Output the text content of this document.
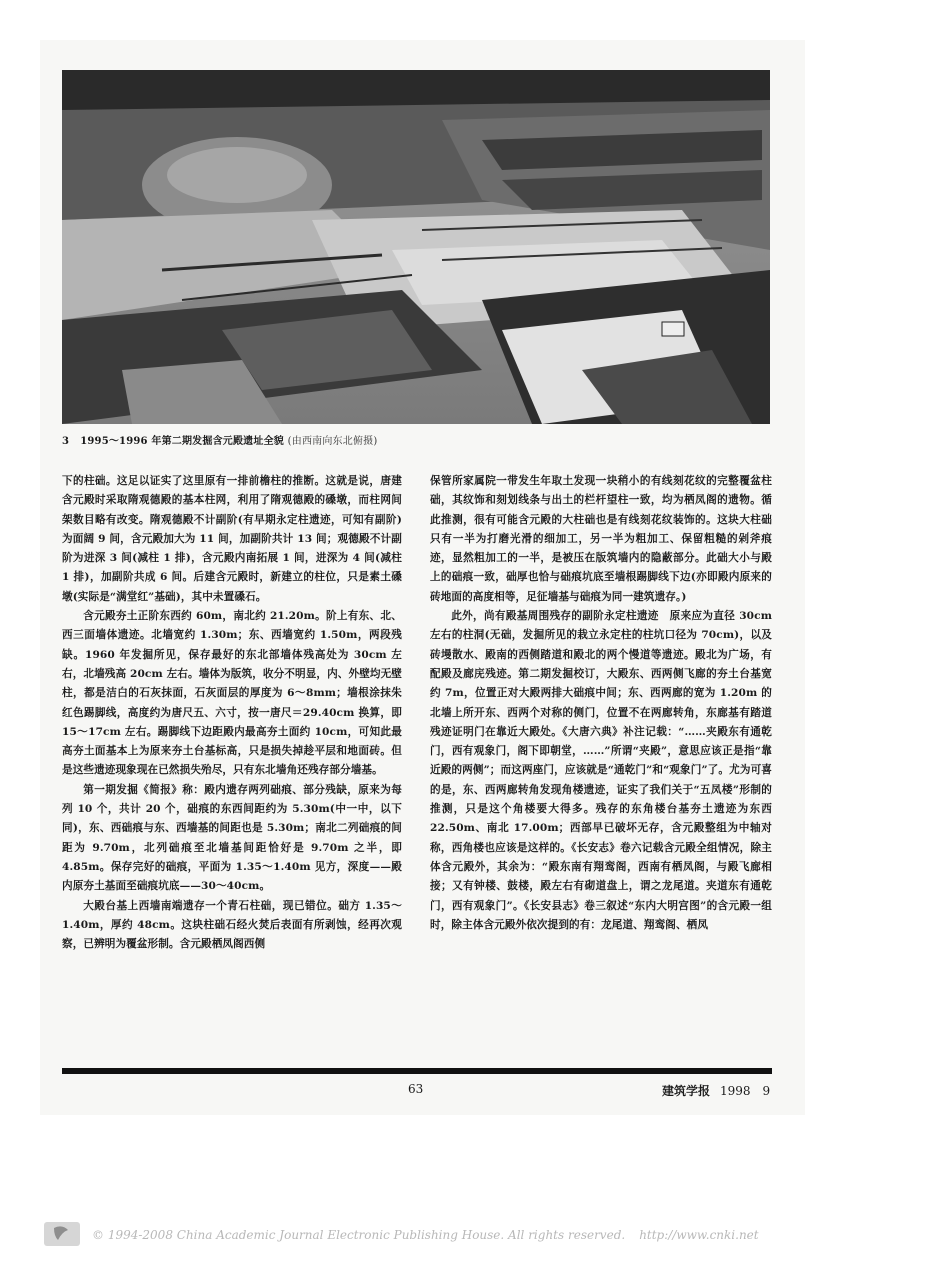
3 1995～1996 年第二期发掘含元殿遗址全貌 (由西南向东北俯摄)

下的柱础。这足以证实了这里原有一排前檐柱的推断。这就是说，唐建含元殿时采取隋观德殿的基本柱网，利用了隋观德殿的磉墩，而柱网间架数目略有改变。隋观德殿不计副阶(有早期永定柱遗迹，可知有副阶)为面阔 9 间，含元殿加大为 11 间，加副阶共计 13 间；观德殿不计副阶为进深 3 间(减柱 1 排)，含元殿内南拓展 1 间，进深为 4 间(减柱 1 排)，加副阶共成 6 间。后建含元殿时，新建立的柱位，只是素土磉墩(实际是“满堂红”基础)，其中未置磉石。

含元殿夯土正阶东西约 60m，南北约 21.20m。阶上有东、北、西三面墙体遗迹。北墙宽约 1.30m；东、西墙宽约 1.50m，两段残缺。1960 年发掘所见，保存最好的东北部墙体残高处为 30cm 左右，北墙残高 20cm 左右。墙体为版筑，收分不明显，内、外壁均无壁柱，都是洁白的石灰抹面，石灰面层的厚度为 6～8mm；墙根涂抹朱红色踢脚线，高度约为唐尺五、六寸，按一唐尺＝29.40cm 换算，即 15～17cm 左右。踢脚线下边距殿内最高夯土面约 10cm，可知此最高夯土面基本上为原来夯土台基标高，只是损失掉趁平层和地面砖。但是这些遗迹现象现在已然损失殆尽，只有东北墙角还残存部分墙基。

第一期发掘《简报》称：殿内遗存两列础痕、部分残缺，原来为每列 10 个，共计 20 个，础痕的东西间距约为 5.30m(中一中，以下同)，东、西础痕与东、西墙基的间距也是 5.30m；南北二列础痕的间距为 9.70m，北列础痕至北墙基间距恰好是 9.70m 之半，即 4.85m。保存完好的础痕，平面为 1.35～1.40m 见方，深度——殿内原夯土基面至础痕坑底——30～40cm。

大殿台基上西墙南端遗存一个青石柱础，现已错位。础方 1.35～1.40m，厚约 48cm。这块柱础石经火焚后表面有所剥蚀，经再次观察，已辨明为覆盆形制。含元殿栖凤阁西侧

保管所家属院一带发生年取土发现一块稍小的有线刻花纹的完整覆盆柱础，其纹饰和刻划线条与出土的栏杆望柱一致，均为栖凤阁的遗物。循此推测，很有可能含元殿的大柱础也是有线刻花纹装饰的。这块大柱础只有一半为打磨光滑的细加工，另一半为粗加工、保留粗糙的剁斧痕迹，显然粗加工的一半，是被压在版筑墙内的隐蔽部分。此础大小与殿上的础痕一致，础厚也恰与础痕坑底至墙根踢脚线下边(亦即殿内原来的砖地面的高度相等，足征墙基与础痕为同一建筑遗存。)

此外，尚有殿基周围残存的副阶永定柱遗迹　原来应为直径 30cm 左右的柱洞(无础，发掘所见的栽立永定柱的柱坑口径为 70cm)，以及砖墁散水、殿南的西侧踏道和殿北的两个慢道等遗迹。殿北为广场，有配殿及廊庑残迹。第二期发掘校订，大殿东、西两侧飞廊的夯土台基宽约 7m，位置正对大殿两排大础痕中间；东、西两廊的宽为 1.20m 的北墙上所开东、西两个对称的侧门，位置不在两廊转角，东廊基有踏道残迹证明门在靠近大殿处。《大唐六典》补注记载：“……夹殿东有通乾门，西有观象门，阁下即朝堂，……”所谓“夹殿”，意思应该正是指“靠近殿的两侧”；而这两座门，应该就是“通乾门”和“观象门”了。尤为可喜的是，东、西两廊转角发现角楼遗迹，证实了我们关于“五凤楼”形制的推测，只是这个角楼要大得多。残存的东角楼台基夯土遗迹为东西 22.50m、南北 17.00m；西部早已破坏无存，含元殿整组为中轴对称，西角楼也应该是这样的。《长安志》卷六记载含元殿全组情况，除主体含元殿外，其余为：“殿东南有翔鸾阁，西南有栖凤阁，与殿飞廊相接；又有钟楼、鼓楼，殿左右有砌道盘上，谓之龙尾道。夹道东有通乾门，西有观象门”。《长安县志》卷三叙述“东内大明宫图”的含元殿一组时，除主体含元殿外依次提到的有：龙尾道、翔鸾阁、栖凤

63	建筑学报 1998　9
© 1994-2008 China Academic Journal Electronic Publishing House. All rights reserved. http://www.cnki.net
